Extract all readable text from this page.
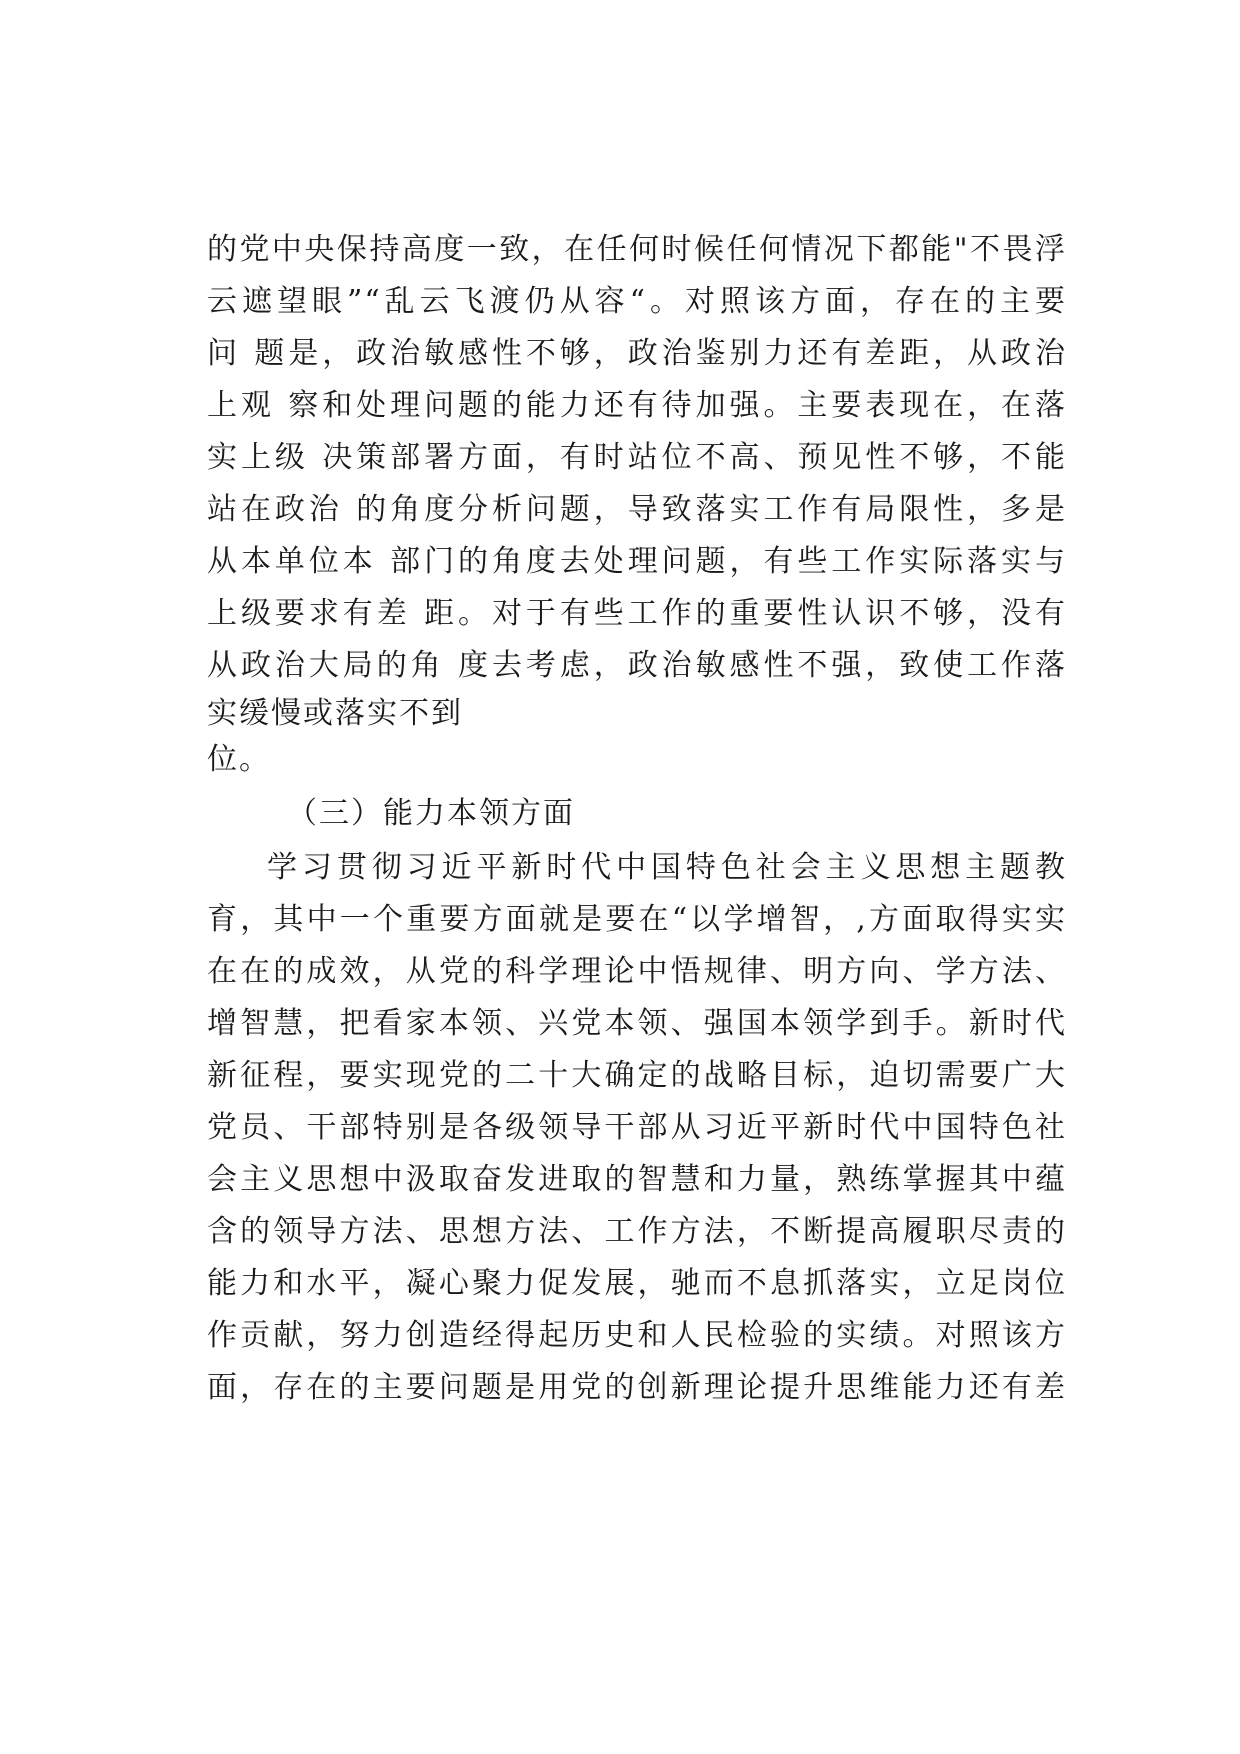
的党中央保持高度一致，在任何时候任何情况下都能"不畏浮
云遮望眼”“乱云飞渡仍从容“。对照该方面，存在的主要
问 题是，政治敏感性不够，政治鉴别力还有差距，从政治
上观 察和处理问题的能力还有待加强。主要表现在，在落
实上级 决策部署方面，有时站位不高、预见性不够，不能
站在政治 的角度分析问题，导致落实工作有局限性，多是
从本单位本 部门的角度去处理问题，有些工作实际落实与
上级要求有差 距。对于有些工作的重要性认识不够，没有
从政治大局的角 度去考虑，政治敏感性不强，致使工作落
实缓慢或落实不到
位。
（三）能力本领方面
学习贯彻习近平新时代中国特色社会主义思想主题教
育，其中一个重要方面就是要在“以学增智，,方面取得实实
在在的成效，从党的科学理论中悟规律、明方向、学方法、
增智慧，把看家本领、兴党本领、强国本领学到手。新时代
新征程，要实现党的二十大确定的战略目标，迫切需要广大
党员、干部特别是各级领导干部从习近平新时代中国特色社
会主义思想中汲取奋发进取的智慧和力量，熟练掌握其中蕴
含的领导方法、思想方法、工作方法，不断提高履职尽责的
能力和水平，凝心聚力促发展，驰而不息抓落实，立足岗位
作贡献，努力创造经得起历史和人民检验的实绩。对照该方
面，存在的主要问题是用党的创新理论提升思维能力还有差
